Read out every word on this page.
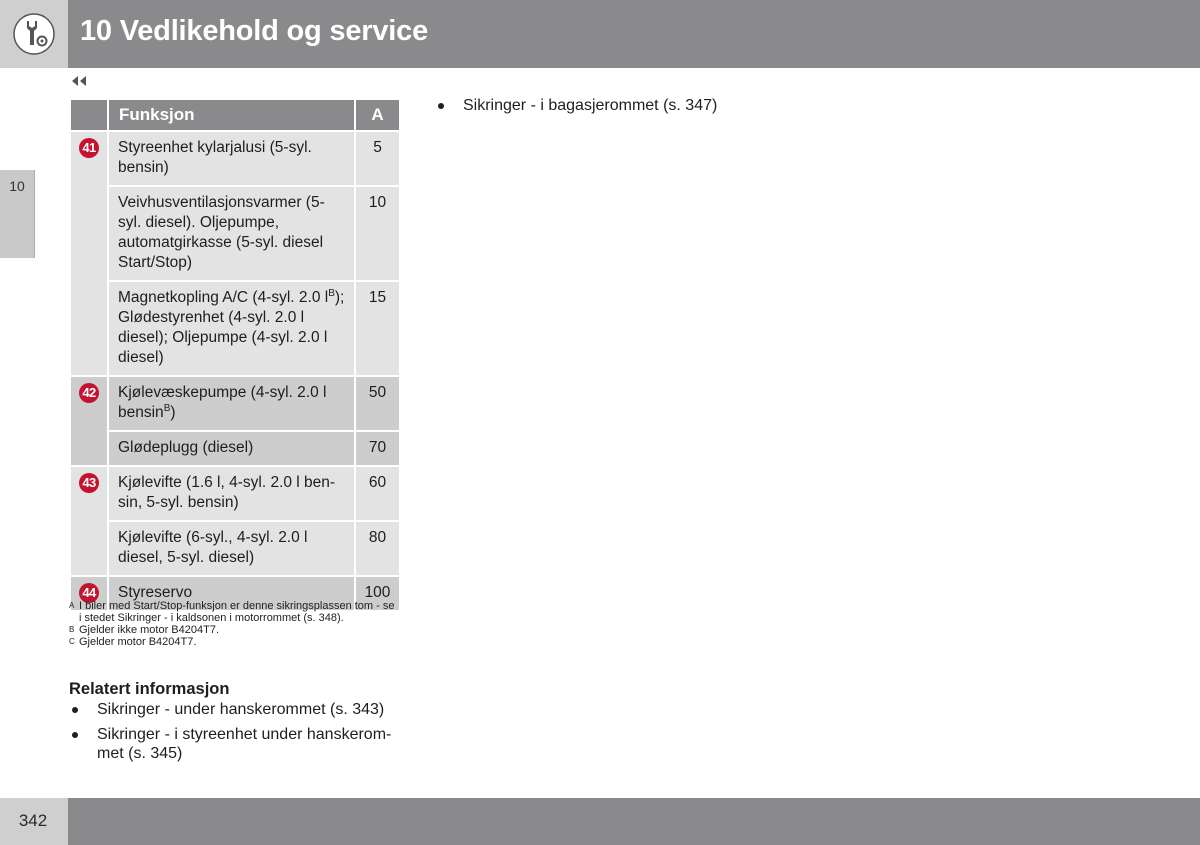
10 Vedlikehold og service
10
	Funksjon	A
41	Styreenhet kylarjalusi (5-syl. bensin)	5
	Veivhusventilasjonsvarmer (5-syl. diesel). Oljepumpe, automatgirkasse (5-syl. diesel Start/Stop)	10
	Magnetkopling A/C (4-syl. 2.0 $l^B$); Glødestyrenhet (4-syl. 2.0 l diesel); Oljepumpe (4-syl. 2.0 l diesel)	15
42	Kjølevæskepumpe (4-syl. 2.0 l bensin$^B$)	50
	Glødeplugg (diesel)	70
43	Kjølevifte (1.6 l, 4-syl. 2.0 l ben-sin, 5-syl. bensin)	60
	Kjølevifte (6-syl., 4-syl. 2.0 l diesel, 5-syl. diesel)	80
44	Styreservo	100
A I biler med Start/Stop-funksjon er denne sikringsplassen tom - se i stedet Sikringer - i kaldsonen i motorrommet (s. 348).
B Gjelder ikke motor B4204T7.
C Gjelder motor B4204T7.
Relatert informasjon
Sikringer - under hanskerommet (s. 343)
Sikringer - i styreenhet under hanskerom-met (s. 345)
Sikringer - i bagasjerommet (s. 347)
342
